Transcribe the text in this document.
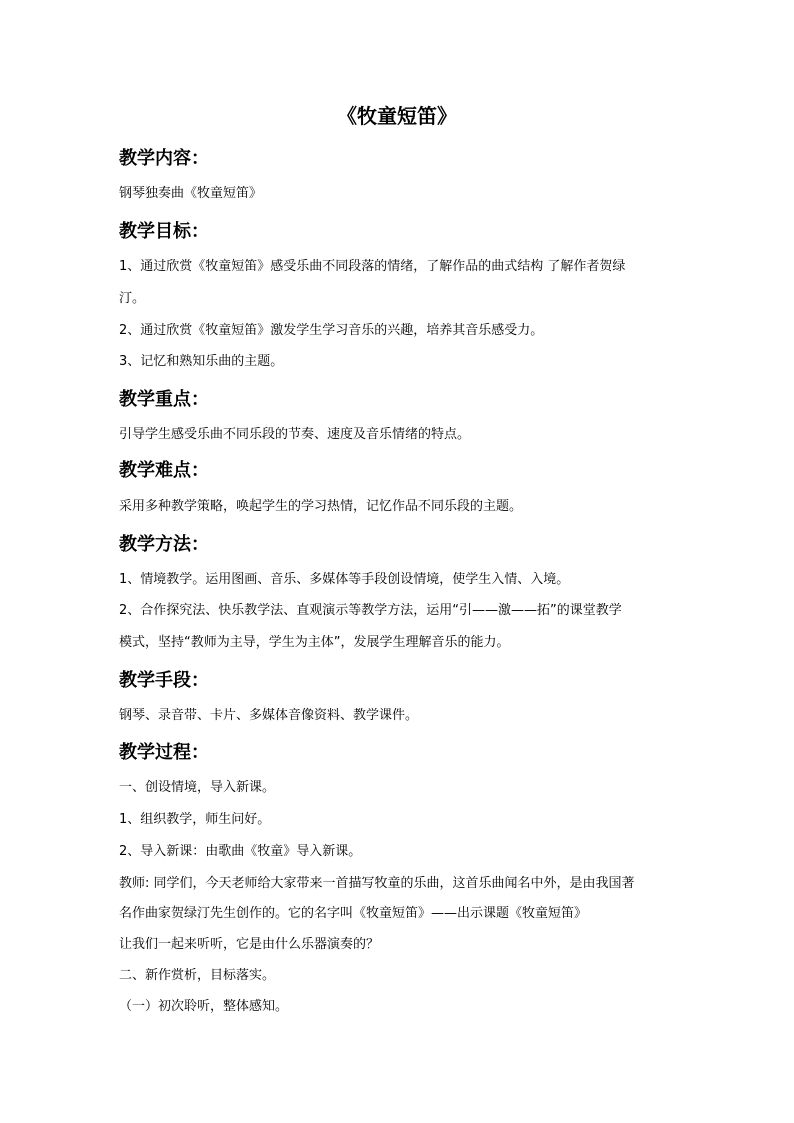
《牧童短笛》
教学内容：
钢琴独奏曲《牧童短笛》
教学目标：
1、通过欣赏《牧童短笛》感受乐曲不同段落的情绪，了解作品的曲式结构 了解作者贺绿
汀。
2、通过欣赏《牧童短笛》激发学生学习音乐的兴趣，培养其音乐感受力。
3、记忆和熟知乐曲的主题。
教学重点：
引导学生感受乐曲不同乐段的节奏、速度及音乐情绪的特点。
教学难点：
采用多种教学策略，唤起学生的学习热情，记忆作品不同乐段的主题。
教学方法：
1、情境教学。运用图画、音乐、多媒体等手段创设情境，使学生入情、入境。
2、合作探究法、快乐教学法、直观演示等教学方法，运用“引——激——拓”的课堂教学
模式，坚持“教师为主导，学生为主体”，发展学生理解音乐的能力。
教学手段：
钢琴、录音带、卡片、多媒体音像资料、教学课件。
教学过程：
一、创设情境，导入新课。
1、组织教学，师生问好。
2、导入新课：由歌曲《牧童》导入新课。
教师: 同学们，今天老师给大家带来一首描写牧童的乐曲，这首乐曲闻名中外，是由我国著
名作曲家贺绿汀先生创作的。它的名字叫《牧童短笛》——出示课题《牧童短笛》
让我们一起来听听，它是由什么乐器演奏的？
二、新作赏析，目标落实。
（一）初次聆听，整体感知。
